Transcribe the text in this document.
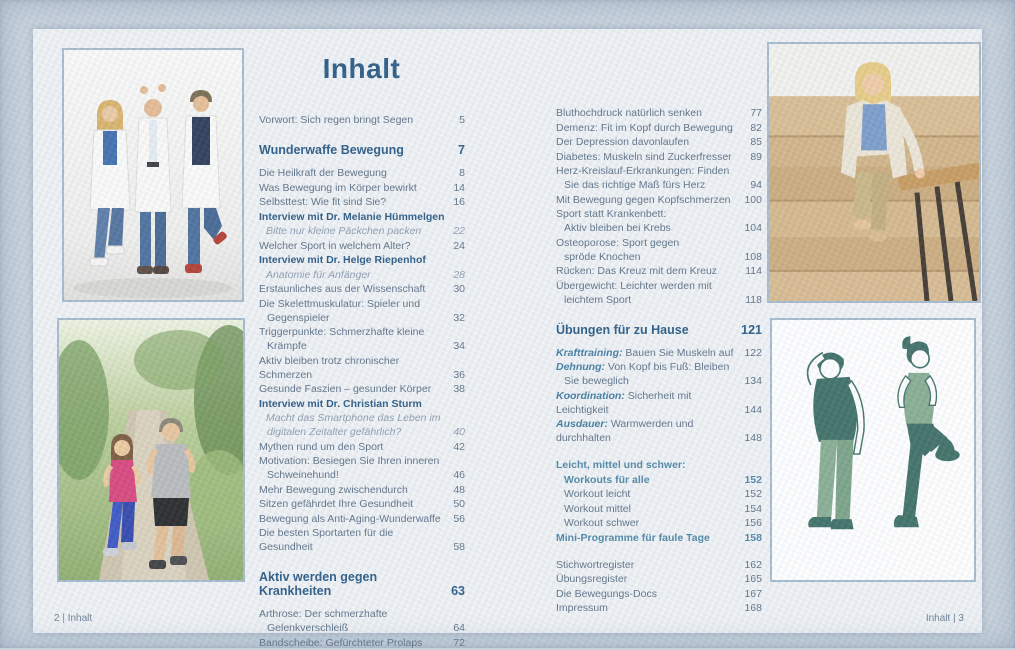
Inhalt
Vorwort: Sich regen bringt Segen	5
Wunderwaffe Bewegung	7
Die Heilkraft der Bewegung	8
Was Bewegung im Körper bewirkt	14
Selbsttest: Wie fit sind Sie?	16
Interview mit Dr. Melanie Hümmelgen
Bitte nur kleine Päckchen packen	22
Welcher Sport in welchem Alter?	24
Interview mit Dr. Helge Riepenhof
Anatomie für Anfänger	28
Erstaunliches aus der Wissenschaft	30
Die Skelettmuskulatur: Spieler und
Gegenspieler	32
Triggerpunkte: Schmerzhafte kleine
Krämpfe	34
Aktiv bleiben trotz chronischer Schmerzen	36
Gesunde Faszien – gesunder Körper	38
Interview mit Dr. Christian Sturm
Macht das Smartphone das Leben im
digitalen Zeitalter gefährlich?	40
Mythen rund um den Sport	42
Motivation: Besiegen Sie Ihren inneren
Schweinehund!	46
Mehr Bewegung zwischendurch	48
Sitzen gefährdet Ihre Gesundheit	50
Bewegung als Anti-Aging-Wunderwaffe	56
Die besten Sportarten für die Gesundheit	58
Aktiv werden gegen Krankheiten	63
Arthrose: Der schmerzhafte
Gelenkverschleiß	64
Bandscheibe: Gefürchteter Prolaps	72
Bluthochdruck natürlich senken	77
Demenz: Fit im Kopf durch Bewegung	82
Der Depression davonlaufen	85
Diabetes: Muskeln sind Zuckerfresser	89
Herz-Kreislauf-Erkrankungen: Finden
Sie das richtige Maß fürs Herz	94
Mit Bewegung gegen Kopfschmerzen	100
Sport statt Krankenbett:
Aktiv bleiben bei Krebs	104
Osteoporose: Sport gegen
spröde Knochen	108
Rücken: Das Kreuz mit dem Kreuz	114
Übergewicht: Leichter werden mit
leichtem Sport	118
Übungen für zu Hause	121
Krafttraining: Bauen Sie Muskeln auf	122
Dehnung: Von Kopf bis Fuß: Bleiben
Sie beweglich	134
Koordination: Sicherheit mit Leichtigkeit	144
Ausdauer: Warmwerden und durchhalten	148
Leicht, mittel und schwer:
Workouts für alle	152
Workout leicht	152
Workout mittel	154
Workout schwer	156
Mini-Programme für faule Tage	158
Stichwortregister	162
Übungsregister	165
Die Bewegungs-Docs	167
Impressum	168
2 | Inhalt	Inhalt | 3
